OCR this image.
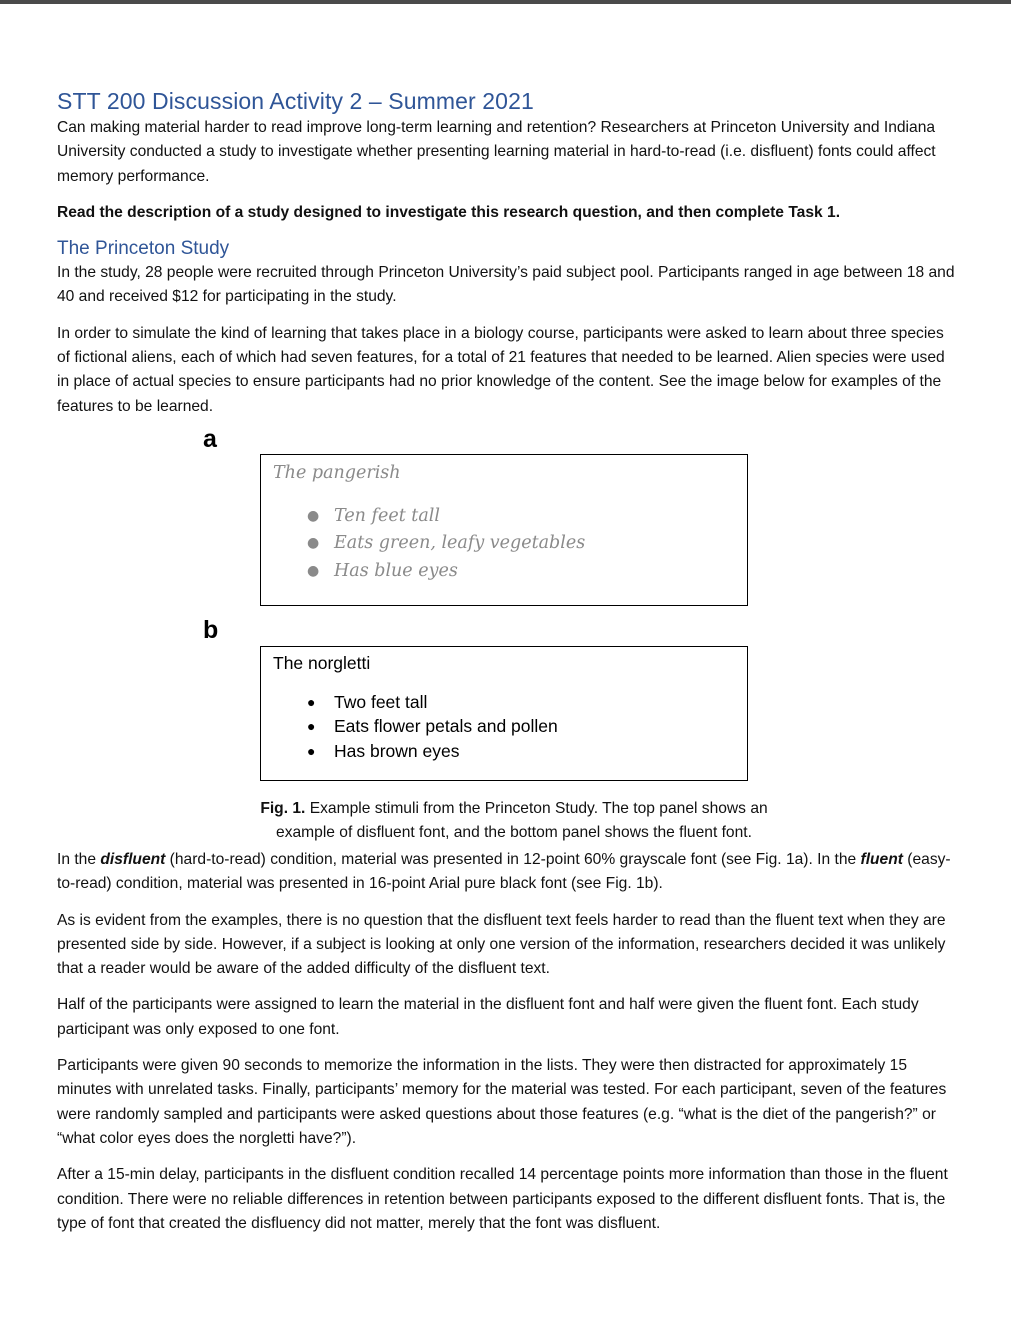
STT 200 Discussion Activity 2 – Summer 2021

Can making material harder to read improve long-term learning and retention? Researchers at Princeton University and Indiana University conducted a study to investigate whether presenting learning material in hard-to-read (i.e. disfluent) fonts could affect memory performance.

Read the description of a study designed to investigate this research question, and then complete Task 1.

The Princeton Study

In the study, 28 people were recruited through Princeton University’s paid subject pool. Participants ranged in age between 18 and 40 and received $12 for participating in the study.

In order to simulate the kind of learning that takes place in a biology course, participants were asked to learn about three species of fictional aliens, each of which had seven features, for a total of 21 features that needed to be learned. Alien species were used in place of actual species to ensure participants had no prior knowledge of the content. See the image below for examples of the features to be learned.

a
The pangerish
● Ten feet tall
● Eats green, leafy vegetables
● Has blue eyes
b
The norgletti
● Two feet tall
● Eats flower petals and pollen
● Has brown eyes
Fig. 1. Example stimuli from the Princeton Study. The top panel shows an example of disfluent font, and the bottom panel shows the fluent font.

In the disfluent (hard-to-read) condition, material was presented in 12-point 60% grayscale font (see Fig. 1a). In the fluent (easy-to-read) condition, material was presented in 16-point Arial pure black font (see Fig. 1b).

As is evident from the examples, there is no question that the disfluent text feels harder to read than the fluent text when they are presented side by side. However, if a subject is looking at only one version of the information, researchers decided it was unlikely that a reader would be aware of the added difficulty of the disfluent text.

Half of the participants were assigned to learn the material in the disfluent font and half were given the fluent font. Each study participant was only exposed to one font.

Participants were given 90 seconds to memorize the information in the lists. They were then distracted for approximately 15 minutes with unrelated tasks. Finally, participants’ memory for the material was tested. For each participant, seven of the features were randomly sampled and participants were asked questions about those features (e.g. “what is the diet of the pangerish?” or “what color eyes does the norgletti have?”).

After a 15-min delay, participants in the disfluent condition recalled 14 percentage points more information than those in the fluent condition. There were no reliable differences in retention between participants exposed to the different disfluent fonts. That is, the type of font that created the disfluency did not matter, merely that the font was disfluent.
